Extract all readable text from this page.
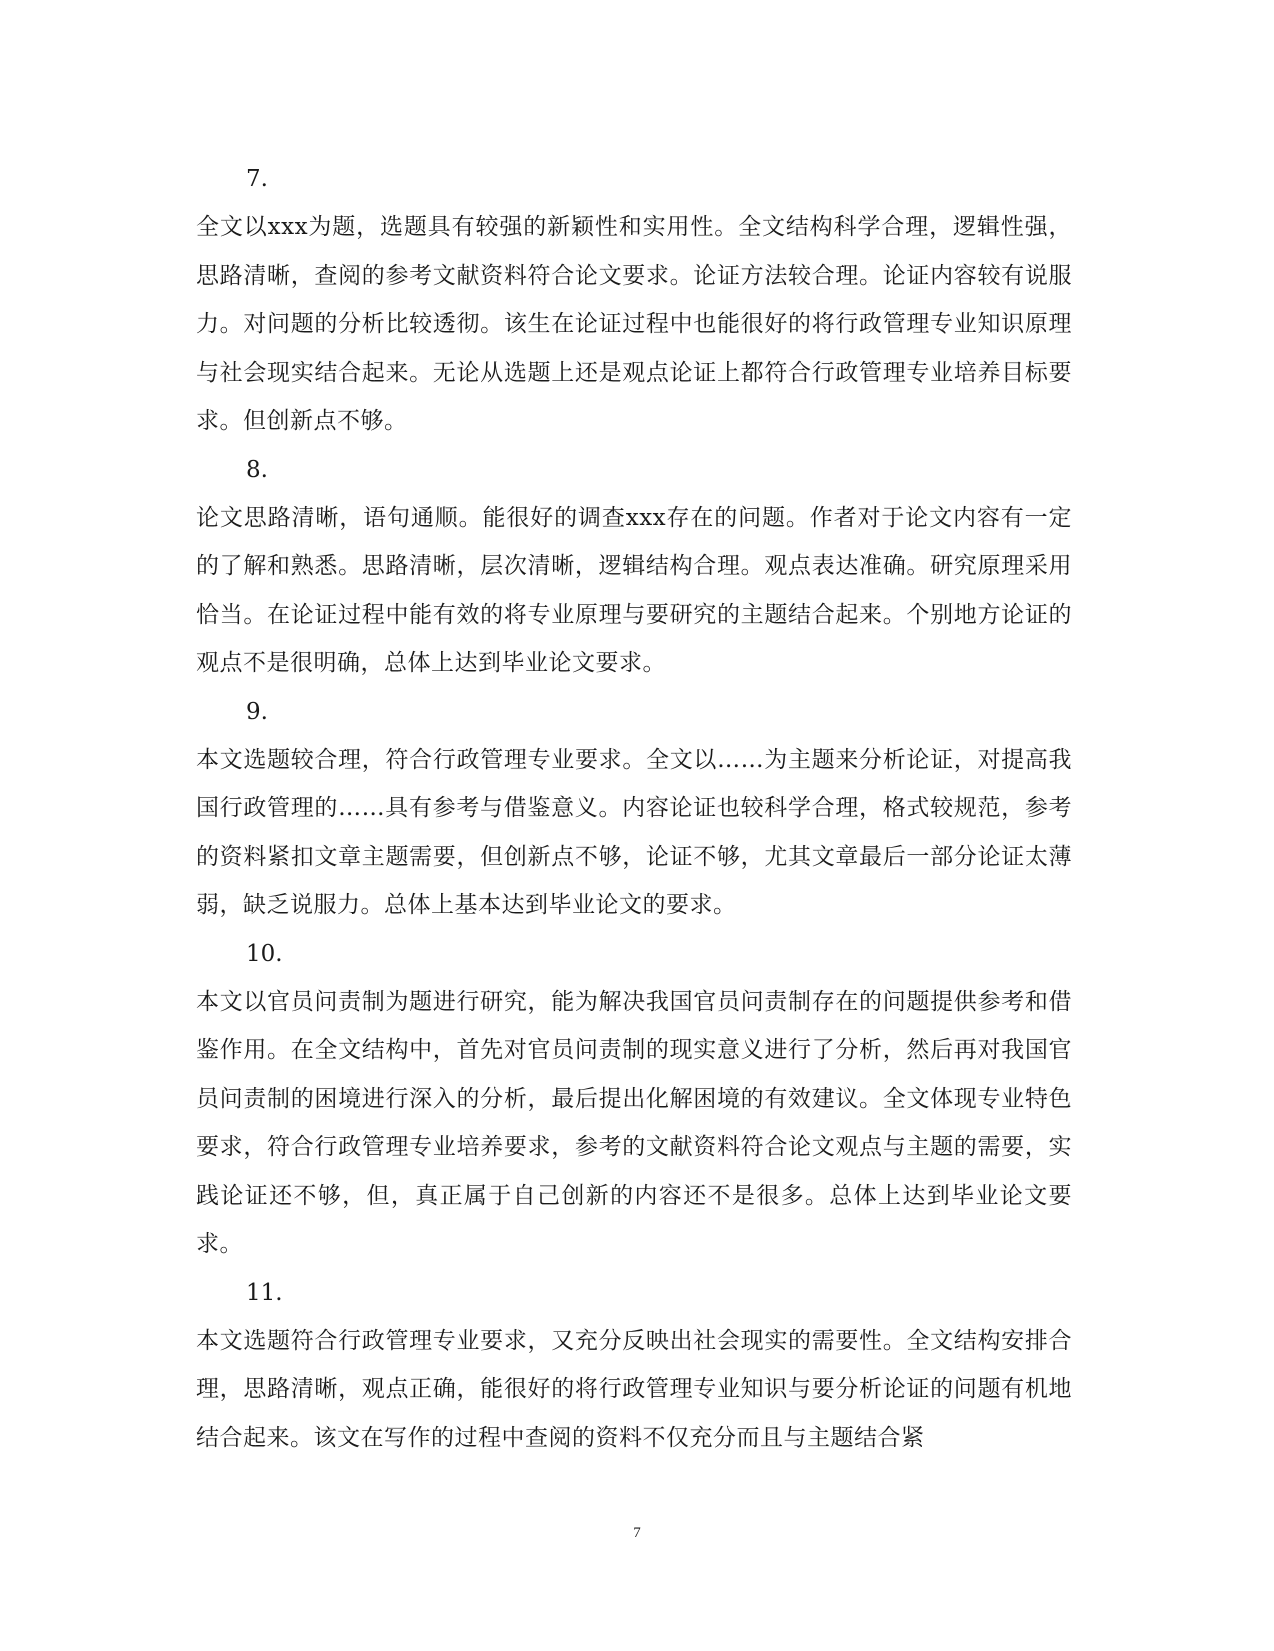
7.

全文以xxx为题，选题具有较强的新颖性和实用性。全文结构科学合理，逻辑性强，思路清晰，查阅的参考文献资料符合论文要求。论证方法较合理。论证内容较有说服力。对问题的分析比较透彻。该生在论证过程中也能很好的将行政管理专业知识原理与社会现实结合起来。无论从选题上还是观点论证上都符合行政管理专业培养目标要求。但创新点不够。

8.

论文思路清晰，语句通顺。能很好的调查xxx存在的问题。作者对于论文内容有一定的了解和熟悉。思路清晰，层次清晰，逻辑结构合理。观点表达准确。研究原理采用恰当。在论证过程中能有效的将专业原理与要研究的主题结合起来。个别地方论证的观点不是很明确，总体上达到毕业论文要求。

9.

本文选题较合理，符合行政管理专业要求。全文以……为主题来分析论证，对提高我国行政管理的……具有参考与借鉴意义。内容论证也较科学合理，格式较规范，参考的资料紧扣文章主题需要，但创新点不够，论证不够，尤其文章最后一部分论证太薄弱，缺乏说服力。总体上基本达到毕业论文的要求。

10.

本文以官员问责制为题进行研究，能为解决我国官员问责制存在的问题提供参考和借鉴作用。在全文结构中，首先对官员问责制的现实意义进行了分析，然后再对我国官员问责制的困境进行深入的分析，最后提出化解困境的有效建议。全文体现专业特色要求，符合行政管理专业培养要求，参考的文献资料符合论文观点与主题的需要，实践论证还不够，但，真正属于自己创新的内容还不是很多。总体上达到毕业论文要求。

11.

本文选题符合行政管理专业要求，又充分反映出社会现实的需要性。全文结构安排合理，思路清晰，观点正确，能很好的将行政管理专业知识与要分析论证的问题有机地结合起来。该文在写作的过程中查阅的资料不仅充分而且与主题结合紧

7
